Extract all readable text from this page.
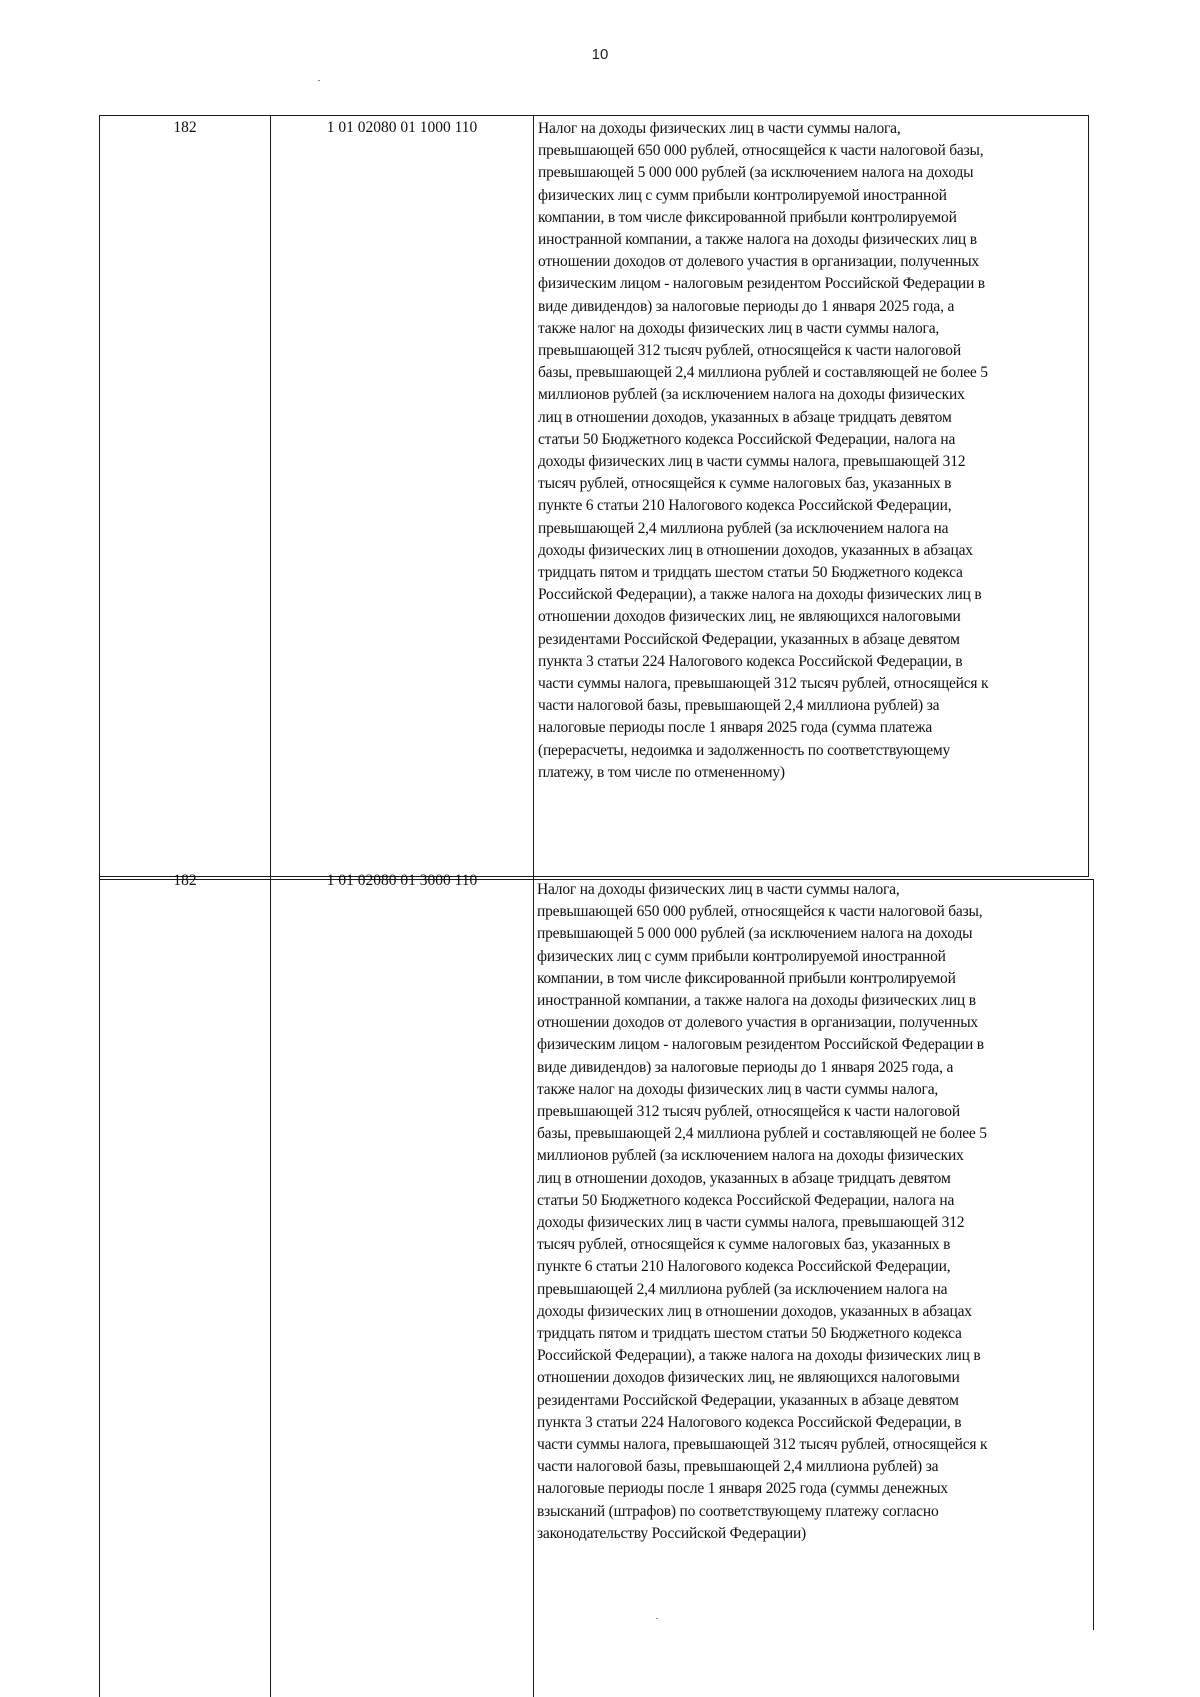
10
182	1 01 02080 01 1000 110	Налог на доходы физических лиц в части суммы налога,
превышающей 650 000 рублей, относящейся к части налоговой базы,
превышающей 5 000 000 рублей (за исключением налога на доходы
физических лиц с сумм прибыли контролируемой иностранной
компании, в том числе фиксированной прибыли контролируемой
иностранной компании, а также налога на доходы физических лиц в
отношении доходов от долевого участия в организации, полученных
физическим лицом - налоговым резидентом Российской Федерации в
виде дивидендов) за налоговые периоды до 1 января 2025 года, а
также налог на доходы физических лиц в части суммы налога,
превышающей 312 тысяч рублей, относящейся к части налоговой
базы, превышающей 2,4 миллиона рублей и составляющей не более 5
миллионов рублей (за исключением налога на доходы физических
лиц в отношении доходов, указанных в абзаце тридцать девятом
статьи 50 Бюджетного кодекса Российской Федерации, налога на
доходы физических лиц в части суммы налога, превышающей 312
тысяч рублей, относящейся к сумме налоговых баз, указанных в
пункте 6 статьи 210 Налогового кодекса Российской Федерации,
превышающей 2,4 миллиона рублей (за исключением налога на
доходы физических лиц в отношении доходов, указанных в абзацах
тридцать пятом и тридцать шестом статьи 50 Бюджетного кодекса
Российской Федерации), а также налога на доходы физических лиц в
отношении доходов физических лиц, не являющихся налоговыми
резидентами Российской Федерации, указанных в абзаце девятом
пункта 3 статьи 224 Налогового кодекса Российской Федерации, в
части суммы налога, превышающей 312 тысяч рублей, относящейся к
части налоговой базы, превышающей 2,4 миллиона рублей) за
налоговые периоды после 1 января 2025 года (сумма платежа
(перерасчеты, недоимка и задолженность по соответствующему
платежу, в том числе по отмененному)
182	1 01 02080 01 3000 110
Налог на доходы физических лиц в части суммы налога,
превышающей 650 000 рублей, относящейся к части налоговой базы,
превышающей 5 000 000 рублей (за исключением налога на доходы
физических лиц с сумм прибыли контролируемой иностранной
компании, в том числе фиксированной прибыли контролируемой
иностранной компании, а также налога на доходы физических лиц в
отношении доходов от долевого участия в организации, полученных
физическим лицом - налоговым резидентом Российской Федерации в
виде дивидендов) за налоговые периоды до 1 января 2025 года, а
также налог на доходы физических лиц в части суммы налога,
превышающей 312 тысяч рублей, относящейся к части налоговой
базы, превышающей 2,4 миллиона рублей и составляющей не более 5
миллионов рублей (за исключением налога на доходы физических
лиц в отношении доходов, указанных в абзаце тридцать девятом
статьи 50 Бюджетного кодекса Российской Федерации, налога на
доходы физических лиц в части суммы налога, превышающей 312
тысяч рублей, относящейся к сумме налоговых баз, указанных в
пункте 6 статьи 210 Налогового кодекса Российской Федерации,
превышающей 2,4 миллиона рублей (за исключением налога на
доходы физических лиц в отношении доходов, указанных в абзацах
тридцать пятом и тридцать шестом статьи 50 Бюджетного кодекса
Российской Федерации), а также налога на доходы физических лиц в
отношении доходов физических лиц, не являющихся налоговыми
резидентами Российской Федерации, указанных в абзаце девятом
пункта 3 статьи 224 Налогового кодекса Российской Федерации, в
части суммы налога, превышающей 312 тысяч рублей, относящейся к
части налоговой базы, превышающей 2,4 миллиона рублей) за
налоговые периоды после 1 января 2025 года (суммы денежных
взысканий (штрафов) по соответствующему платежу согласно
законодательству Российской Федерации)
